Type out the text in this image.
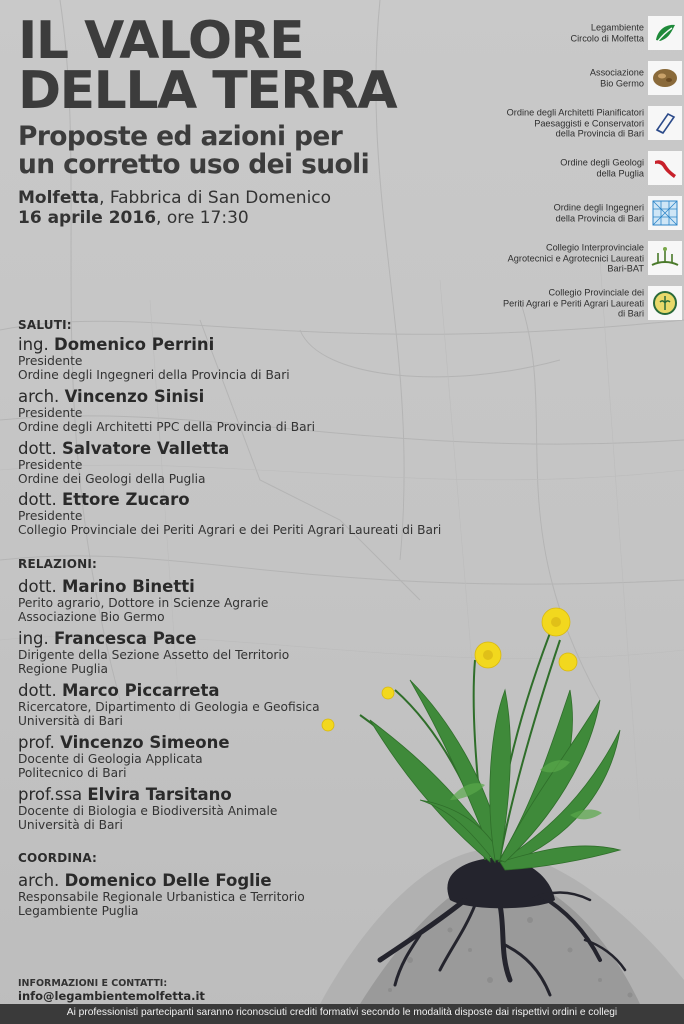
IL VALORE
DELLA TERRA
Proposte ed azioni per
un corretto uso dei suoli
Molfetta, Fabbrica di San Domenico
16 aprile 2016, ore 17:30
Legambiente
Circolo di Molfetta
Associazione
Bio Germo
Ordine degli Architetti Pianificatori
Paesaggisti e Conservatori
della Provincia di Bari
Ordine degli Geologi
della Puglia
Ordine degli Ingegneri
della Provincia di Bari
Collegio Interprovinciale
Agrotecnici e Agrotecnici Laureati
Bari-BAT
Collegio Provinciale dei
Periti Agrari e Periti Agrari Laureati
di Bari
SALUTI:
ing. Domenico Perrini
Presidente
Ordine degli Ingegneri della Provincia di Bari
arch. Vincenzo Sinisi
Presidente
Ordine degli Architetti PPC della Provincia di Bari
dott. Salvatore Valletta
Presidente
Ordine dei Geologi della Puglia
dott. Ettore Zucaro
Presidente
Collegio Provinciale dei Periti Agrari e dei Periti Agrari Laureati di Bari
RELAZIONI:
dott. Marino Binetti
Perito agrario, Dottore in Scienze Agrarie
Associazione Bio Germo
ing. Francesca Pace
Dirigente della Sezione Assetto del Territorio
Regione Puglia
dott. Marco Piccarreta
Ricercatore, Dipartimento di Geologia e Geofisica
Università di Bari
prof. Vincenzo Simeone
Docente di Geologia Applicata
Politecnico di Bari
prof.ssa Elvira Tarsitano
Docente di Biologia e Biodiversità Animale
Università di Bari
COORDINA:
arch. Domenico Delle Foglie
Responsabile Regionale Urbanistica e Territorio
Legambiente Puglia
INFORMAZIONI E CONTATTI:
info@legambientemolfetta.it
Ai professionisti partecipanti saranno riconosciuti crediti formativi secondo le modalità disposte dai rispettivi ordini e collegi
